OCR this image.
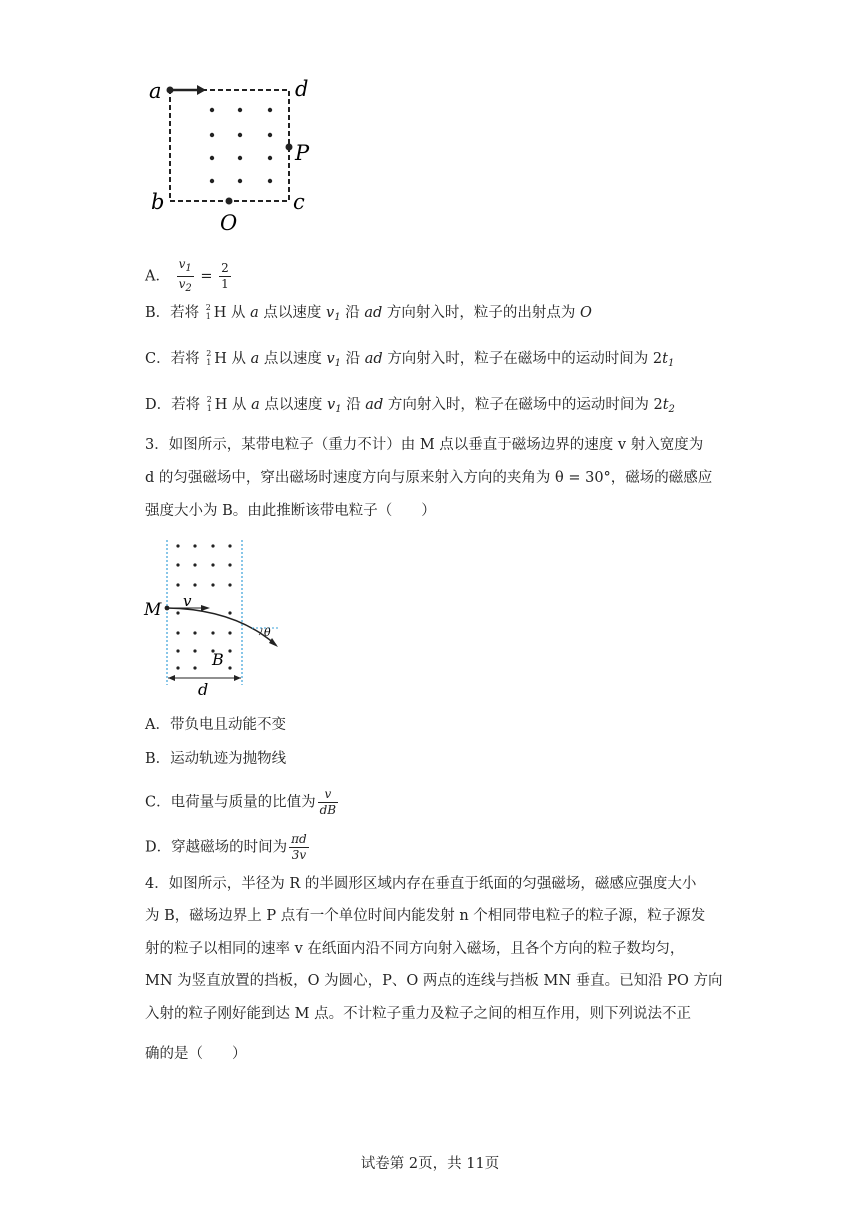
a	d
P
b	c
O
A． $\frac{v_1}{v_2} = \frac{2}{1}$
B．若将 2
1 H 从 a 点以速度 $v_1$ 沿 ad 方向射入时，粒子的出射点为 O
C．若将 2
1 H 从 a 点以速度 $v_1$ 沿 ad 方向射入时，粒子在磁场中的运动时间为 $2t_1$
D．若将 2
1 H 从 a 点以速度 $v_1$ 沿 ad 方向射入时，粒子在磁场中的运动时间为 $2t_2$
3．如图所示，某带电粒子（重力不计）由 M 点以垂直于磁场边界的速度 v 射入宽度为
d 的匀强磁场中，穿出磁场时速度方向与原来射入方向的夹角为 θ = 30°，磁场的磁感应
强度大小为 B。由此推断该带电粒子（　　）
M v
θ
B
d
A．带负电且动能不变
B．运动轨迹为抛物线
C．电荷量与质量的比值为 $\frac{v}{dB}$
D．穿越磁场的时间为 $\frac{\pi d}{3v}$
4．如图所示，半径为 R 的半圆形区域内存在垂直于纸面的匀强磁场，磁感应强度大小
为 B，磁场边界上 P 点有一个单位时间内能发射 n 个相同带电粒子的粒子源，粒子源发
射的粒子以相同的速率 v 在纸面内沿不同方向射入磁场，且各个方向的粒子数均匀，
MN 为竖直放置的挡板，O 为圆心，P、O 两点的连线与挡板 MN 垂直。已知沿 PO 方向
入射的粒子刚好能到达 M 点。不计粒子重力及粒子之间的相互作用，则下列说法不正
确的是（　　）
试卷第 2页，共 11页
